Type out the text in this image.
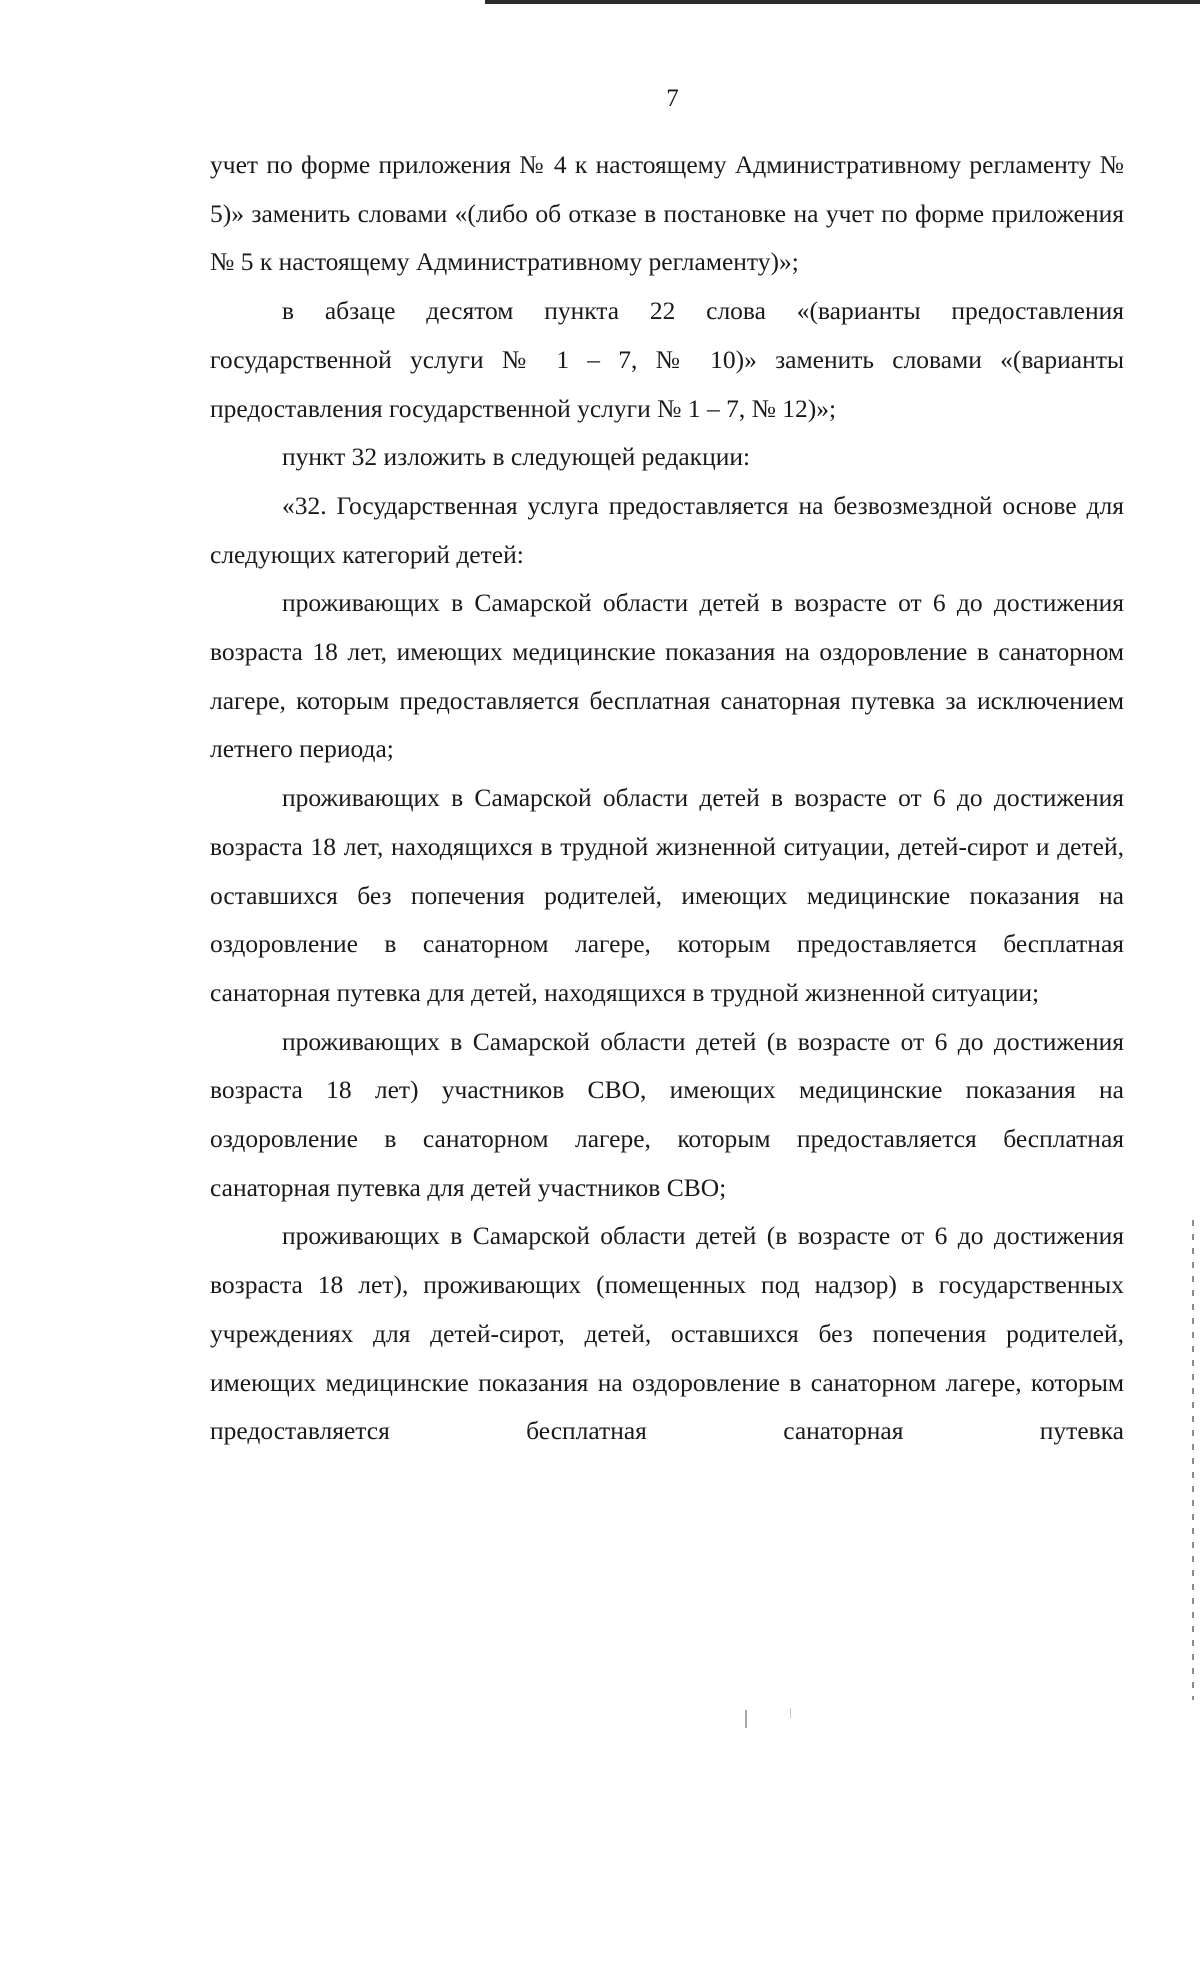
7

учет по форме приложения № 4 к настоящему Административному регламенту № 5)» заменить словами «(либо об отказе в постановке на учет по форме приложения № 5 к настоящему Административному регламенту)»;

в абзаце десятом пункта 22 слова «(варианты предоставления государственной услуги № 1 – 7, № 10)» заменить словами «(варианты предоставления государственной услуги № 1 – 7, № 12)»;

пункт 32 изложить в следующей редакции:

«32. Государственная услуга предоставляется на безвозмездной основе для следующих категорий детей:

проживающих в Самарской области детей в возрасте от 6 до достижения возраста 18 лет, имеющих медицинские показания на оздоровление в санаторном лагере, которым предоставляется бесплатная санаторная путевка за исключением летнего периода;

проживающих в Самарской области детей в возрасте от 6 до достижения возраста 18 лет, находящихся в трудной жизненной ситуации, детей-сирот и детей, оставшихся без попечения родителей, имеющих медицинские показания на оздоровление в санаторном лагере, которым предоставляется бесплатная санаторная путевка для детей, находящихся в трудной жизненной ситуации;

проживающих в Самарской области детей (в возрасте от 6 до достижения возраста 18 лет) участников СВО, имеющих медицинские показания на оздоровление в санаторном лагере, которым предоставляется бесплатная санаторная путевка для детей участников СВО;

проживающих в Самарской области детей (в возрасте от 6 до достижения возраста 18 лет), проживающих (помещенных под надзор) в государственных учреждениях для детей-сирот, детей, оставшихся без попечения родителей, имеющих медицинские показания на оздоровление в санаторном лагере, которым предоставляется бесплатная санаторная путевка
